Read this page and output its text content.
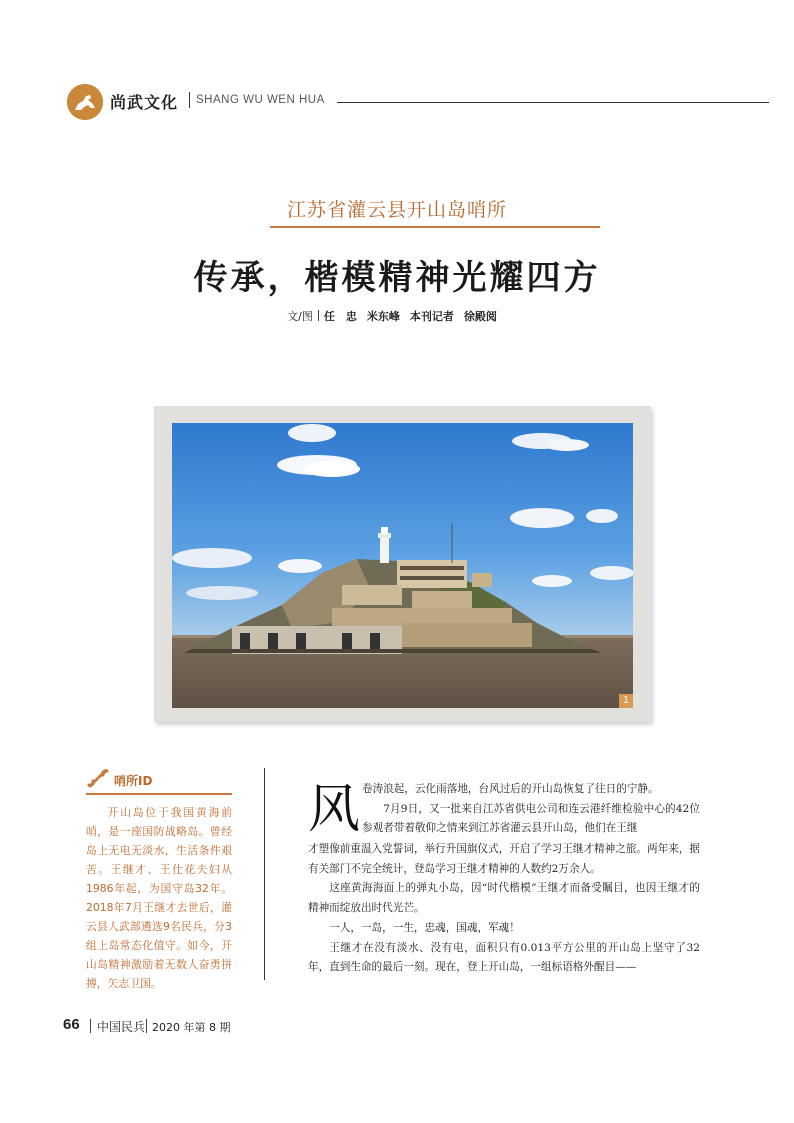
尚武文化 SHANG WU WEN HUA
江苏省灌云县开山岛哨所
传承，楷模精神光耀四方
文/图 任　忠 米东峰 本刊记者 徐殿阅
1
哨所ID
开山岛位于我国黄海前哨，是一座国防战略岛。曾经岛上无电无淡水，生活条件艰苦。王继才、王仕花夫妇从1986年起，为国守岛32年。2018年7月王继才去世后，灌云县人武部遴选9名民兵，分3组上岛常态化值守。如今，开山岛精神激励着无数人奋勇拼搏，矢志卫国。
风 卷涛浪起，云化雨落地，台风过后的开山岛恢复了往日的宁静。

7月9日，又一批来自江苏省供电公司和连云港纤维检验中心的42位参观者带着敬仰之情来到江苏省灌云县开山岛，他们在王继

才塑像前重温入党誓词，举行升国旗仪式，开启了学习王继才精神之旅。两年来，据有关部门不完全统计，登岛学习王继才精神的人数约2万余人。

这座黄海海面上的弹丸小岛，因“时代楷模”王继才而备受瞩目，也因王继才的精神而绽放出时代光芒。

一人，一岛，一生，忠魂，国魂，军魂！

王继才在没有淡水、没有电，面积只有0.013平方公里的开山岛上坚守了32年，直到生命的最后一刻。现在，登上开山岛，一组标语格外醒目——

66 中国民兵 2020 年第 8 期
